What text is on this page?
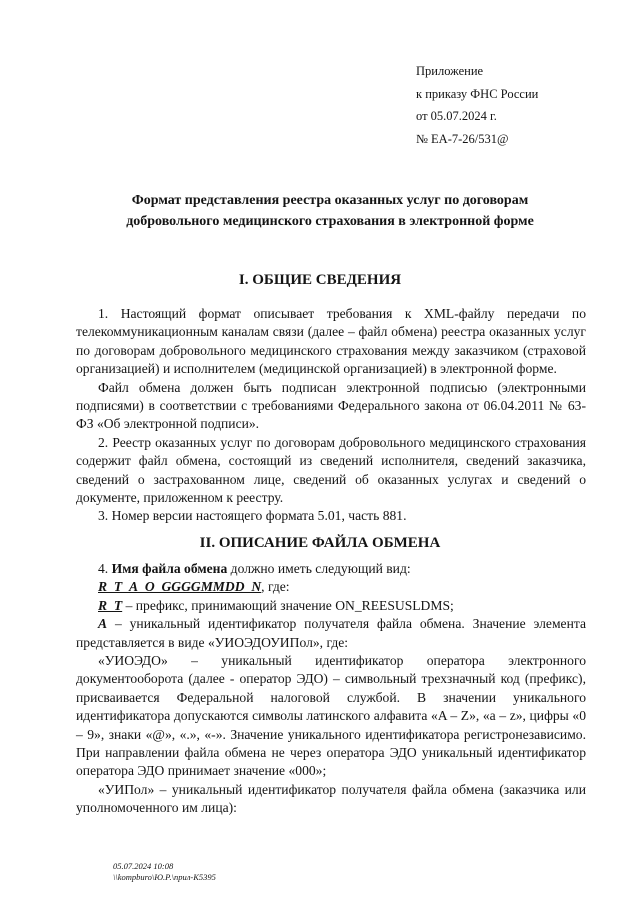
Приложение
к приказу ФНС России
от 05.07.2024 г.
№ ЕА-7-26/531@
Формат представления реестра оказанных услуг по договорам
добровольного медицинского страхования в электронной форме
I. ОБЩИЕ СВЕДЕНИЯ

1. Настоящий формат описывает требования к XML-файлу передачи по телекоммуникационным каналам связи (далее – файл обмена) реестра оказанных услуг по договорам добровольного медицинского страхования между заказчиком (страховой организацией) и исполнителем (медицинской организацией) в электронной форме.

Файл обмена должен быть подписан электронной подписью (электронными подписями) в соответствии с требованиями Федерального закона от 06.04.2011 № 63-ФЗ «Об электронной подписи».

2. Реестр оказанных услуг по договорам добровольного медицинского страхования содержит файл обмена, состоящий из сведений исполнителя, сведений заказчика, сведений о застрахованном лице, сведений об оказанных услугах и сведений о документе, приложенном к реестру.

3. Номер версии настоящего формата 5.01, часть 881.

II. ОПИСАНИЕ ФАЙЛА ОБМЕНА

4. Имя файла обмена должно иметь следующий вид:

R_T_A_O_GGGGMMDD_N, где:

R_T – префикс, принимающий значение ON_REESUSLDMS;

A – уникальный идентификатор получателя файла обмена. Значение элемента представляется в виде «УИОЭДОУИПол», где:

«УИОЭДО» – уникальный идентификатор оператора электронного документооборота (далее - оператор ЭДО) – символьный трехзначный код (префикс), присваивается Федеральной налоговой службой. В значении уникального идентификатора допускаются символы латинского алфавита «A – Z», «a – z», цифры «0 – 9», знаки «@», «.», «-». Значение уникального идентификатора регистронезависимо. При направлении файла обмена не через оператора ЭДО уникальный идентификатор оператора ЭДО принимает значение «000»;

«УИПол» – уникальный идентификатор получателя файла обмена (заказчика или уполномоченного им лица):

05.07.2024 10:08
\\kompburo\Ю.Р.\прил-К5395
